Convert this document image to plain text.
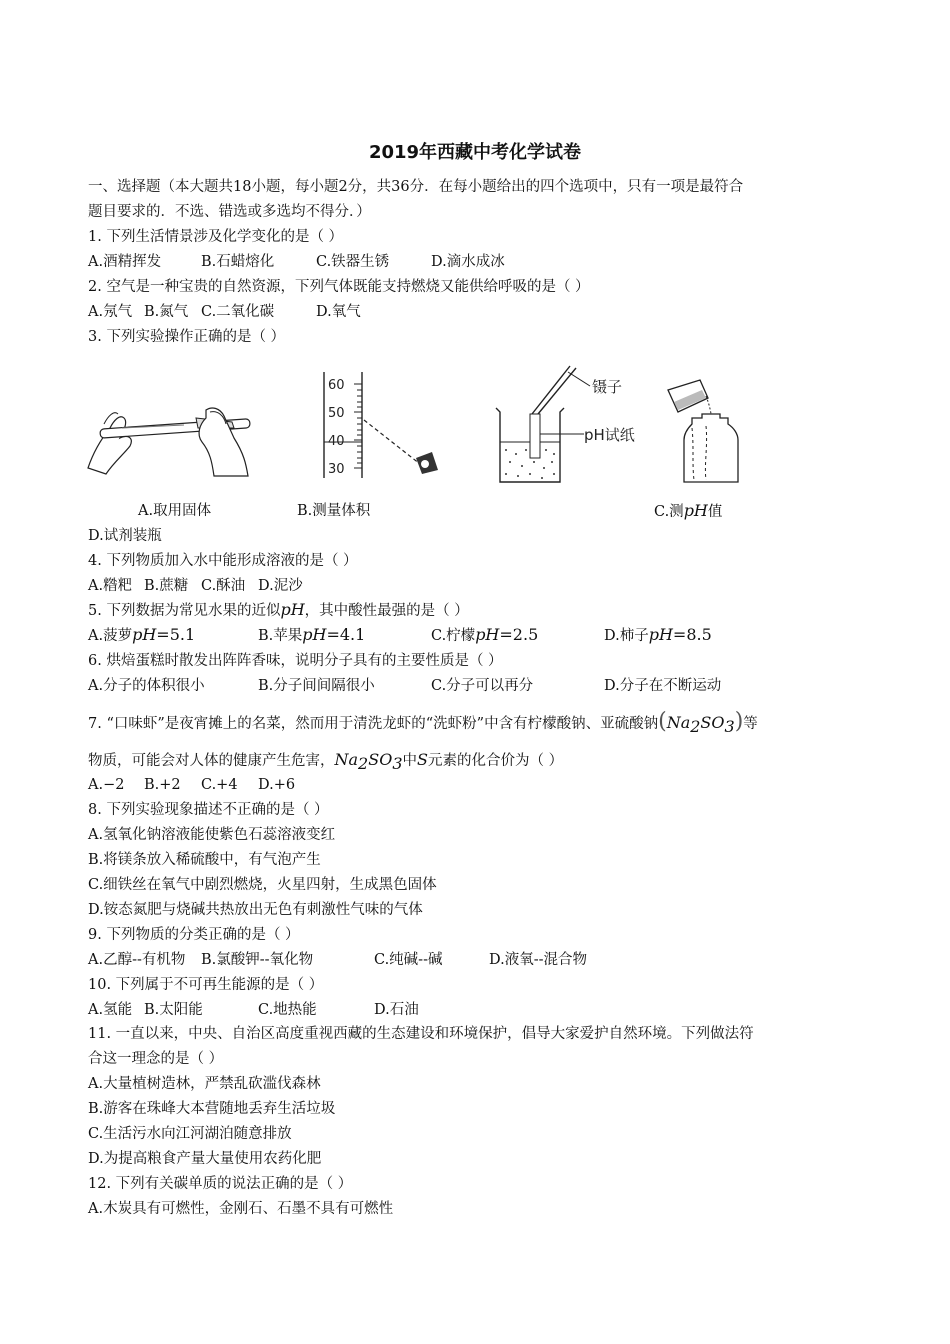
2019年西藏中考化学试卷
一、选择题（本大题共18小题，每小题2分，共36分．在每小题给出的四个选项中，只有一项是最符合
题目要求的．不选、错选或多选均不得分．）
1. 下列生活情景涉及化学变化的是（ ）
A.酒精挥发	B.石蜡熔化	C.铁器生锈	D.滴水成冰
2. 空气是一种宝贵的自然资源，下列气体既能支持燃烧又能供给呼吸的是（ ）
A.氖气 B.氮气 C.二氧化碳	D.氧气
3. 下列实验操作正确的是（ ）
60
50
40
30
镊子
pH试纸
A.取用固体	B.测量体积	C.测pH值
D.试剂装瓶
4. 下列物质加入水中能形成溶液的是（ ）
A.糌粑 B.蔗糖 C.酥油 D.泥沙
5. 下列数据为常见水果的近似pH，其中酸性最强的是（ ）
A.菠萝pH=5.1	B.苹果pH=4.1	C.柠檬pH=2.5	D.柿子pH=8.5
6. 烘焙蛋糕时散发出阵阵香味，说明分子具有的主要性质是（ ）
A.分子的体积很小	B.分子间间隔很小	C.分子可以再分	D.分子在不断运动
7. “口味虾”是夜宵摊上的名菜，然而用于清洗龙虾的“洗虾粉”中含有柠檬酸钠、亚硫酸钠$(Na_2SO_3)$等
物质，可能会对人体的健康产生危害，$Na_2SO_3$中S元素的化合价为（ ）
A.−2 B.+2 C.+4 D.+6
8. 下列实验现象描述不正确的是（ ）
A.氢氧化钠溶液能使紫色石蕊溶液变红
B.将镁条放入稀硫酸中，有气泡产生
C.细铁丝在氧气中剧烈燃烧，火星四射，生成黑色固体
D.铵态氮肥与烧碱共热放出无色有刺激性气味的气体
9. 下列物质的分类正确的是（ ）
A.乙醇--有机物 B.氯酸钾--氧化物	C.纯碱--碱	D.液氧--混合物
10. 下列属于不可再生能源的是（ ）
A.氢能 B.太阳能	C.地热能	D.石油
11. 一直以来，中央、自治区高度重视西藏的生态建设和环境保护，倡导大家爱护自然环境。下列做法符
合这一理念的是（ ）
A.大量植树造林，严禁乱砍滥伐森林
B.游客在珠峰大本营随地丢弃生活垃圾
C.生活污水向江河湖泊随意排放
D.为提高粮食产量大量使用农药化肥
12. 下列有关碳单质的说法正确的是（ ）
A.木炭具有可燃性，金刚石、石墨不具有可燃性
